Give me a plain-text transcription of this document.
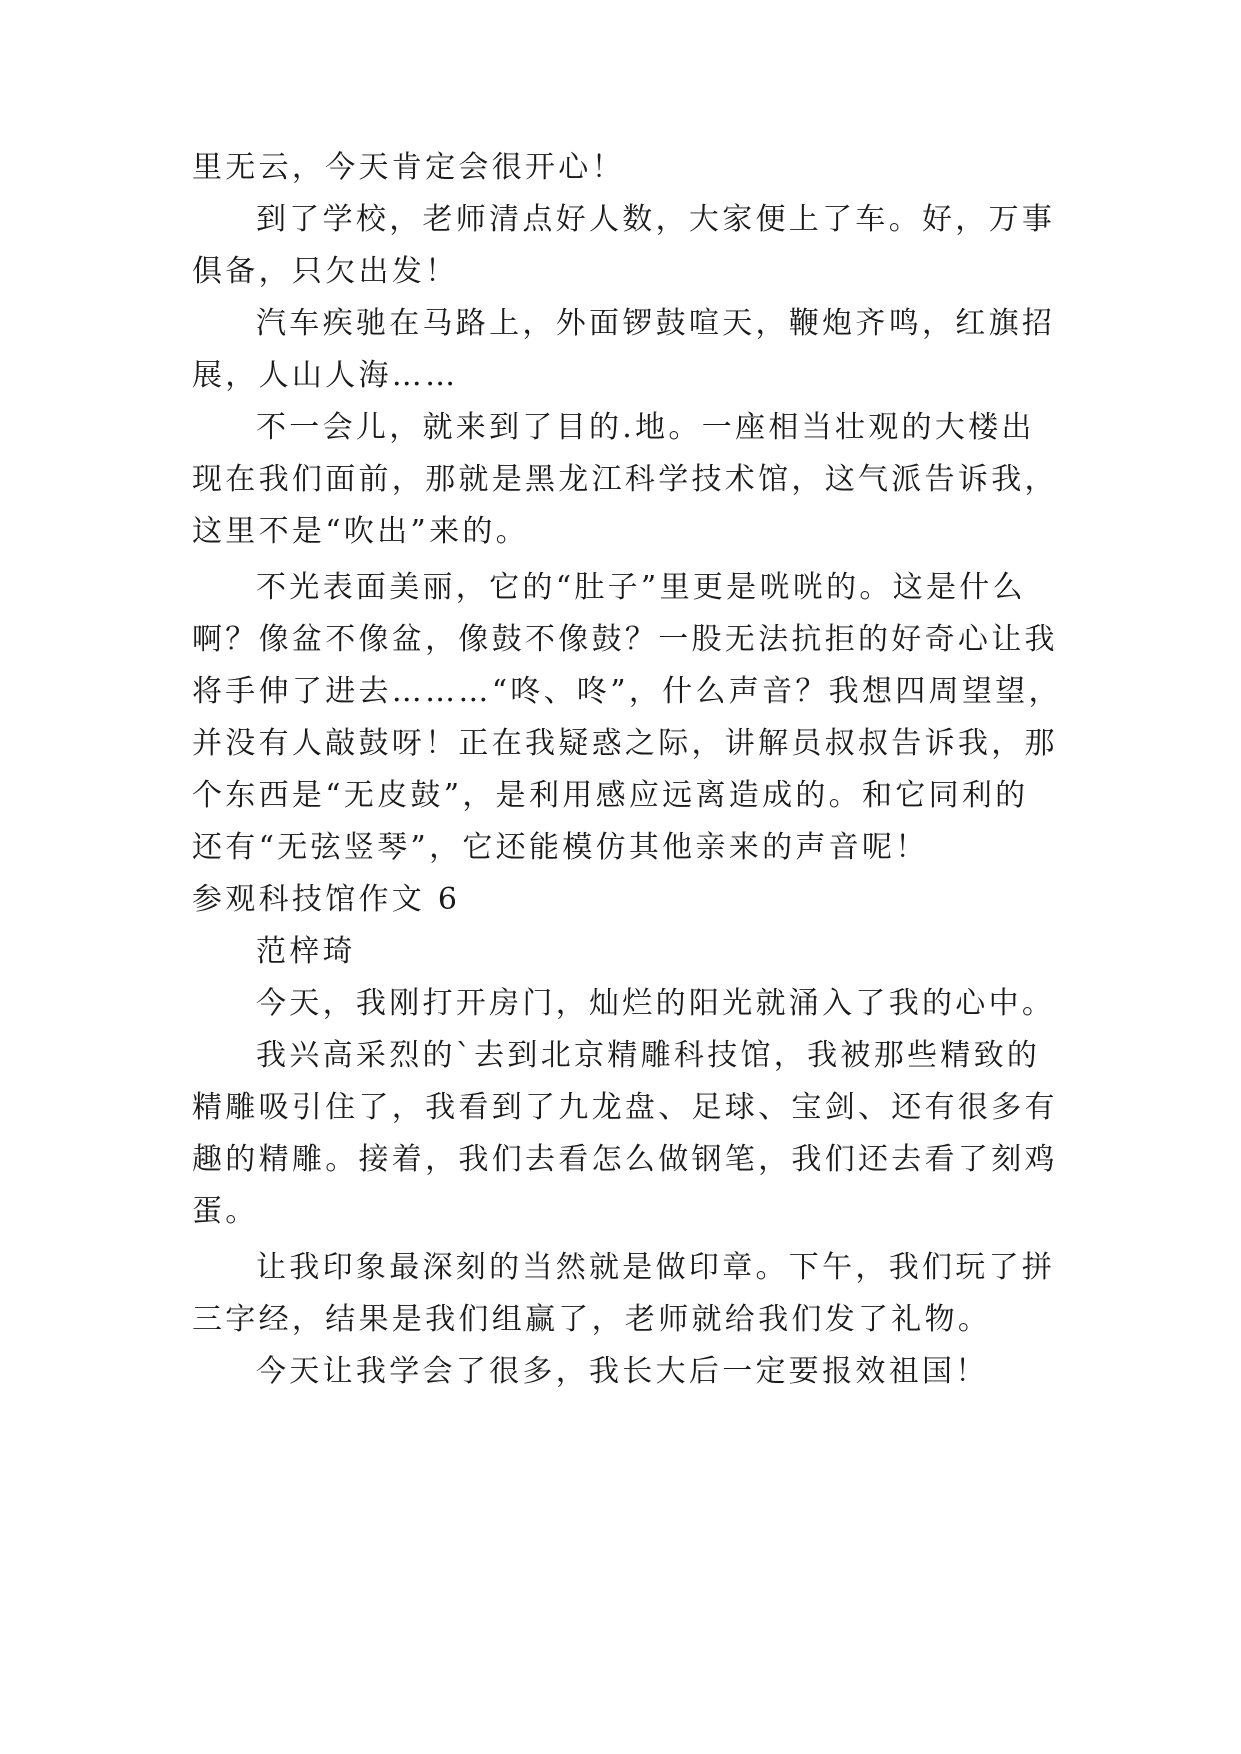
里无云，今天肯定会很开心！
到了学校，老师清点好人数，大家便上了车。好，万事
俱备，只欠出发！
汽车疾驰在马路上，外面锣鼓喧天，鞭炮齐鸣，红旗招
展，人山人海……
不一会儿，就来到了目的.地。一座相当壮观的大楼出
现在我们面前，那就是黑龙江科学技术馆，这气派告诉我，
这里不是“吹出”来的。
不光表面美丽，它的“肚子”里更是咣咣的。这是什么
啊？像盆不像盆，像鼓不像鼓？一股无法抗拒的好奇心让我
将手伸了进去………“咚、咚”，什么声音？我想四周望望，
并没有人敲鼓呀！正在我疑惑之际，讲解员叔叔告诉我，那
个东西是“无皮鼓”，是利用感应远离造成的。和它同利的
还有“无弦竖琴”，它还能模仿其他亲来的声音呢！
参观科技馆作文 6
范梓琦
今天，我刚打开房门，灿烂的阳光就涌入了我的心中。
我兴高采烈的`去到北京精雕科技馆，我被那些精致的
精雕吸引住了，我看到了九龙盘、足球、宝剑、还有很多有
趣的精雕。接着，我们去看怎么做钢笔，我们还去看了刻鸡
蛋。
让我印象最深刻的当然就是做印章。下午，我们玩了拼
三字经，结果是我们组赢了，老师就给我们发了礼物。
今天让我学会了很多，我长大后一定要报效祖国！
